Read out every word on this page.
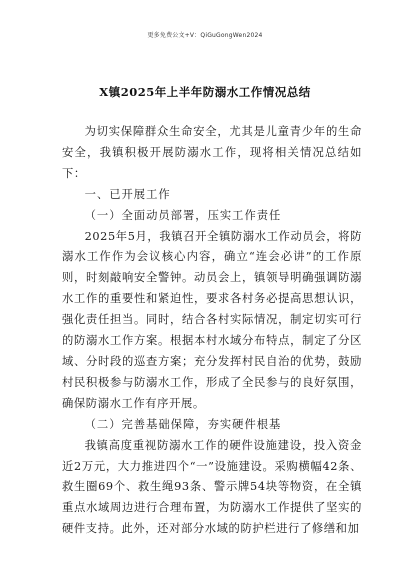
更多免费公文+V：QiGuGongWen2024
X镇2025年上半年防溺水工作情况总结

为切实保障群众生命安全，尤其是儿童青少年的生命安全，我镇积极开展防溺水工作，现将相关情况总结如下：

一、已开展工作

（一）全面动员部署，压实工作责任

2025年5月，我镇召开全镇防溺水工作动员会，将防溺水工作作为会议核心内容，确立“连会必讲”的工作原则，时刻敲响安全警钟。动员会上，镇领导明确强调防溺水工作的重要性和紧迫性，要求各村务必提高思想认识，强化责任担当。同时，结合各村实际情况，制定切实可行的防溺水工作方案。根据本村水域分布特点，制定了分区域、分时段的巡查方案；充分发挥村民自治的优势，鼓励村民积极参与防溺水工作，形成了全民参与的良好氛围，确保防溺水工作有序开展。

（二）完善基础保障，夯实硬件根基

我镇高度重视防溺水工作的硬件设施建设，投入资金近2万元，大力推进四个“一”设施建设。采购横幅42条、救生圈69个、救生绳93条、警示牌54块等物资，在全镇重点水域周边进行合理布置，为防溺水工作提供了坚实的硬件支持。此外，还对部分水域的防护栏进行了修缮和加
